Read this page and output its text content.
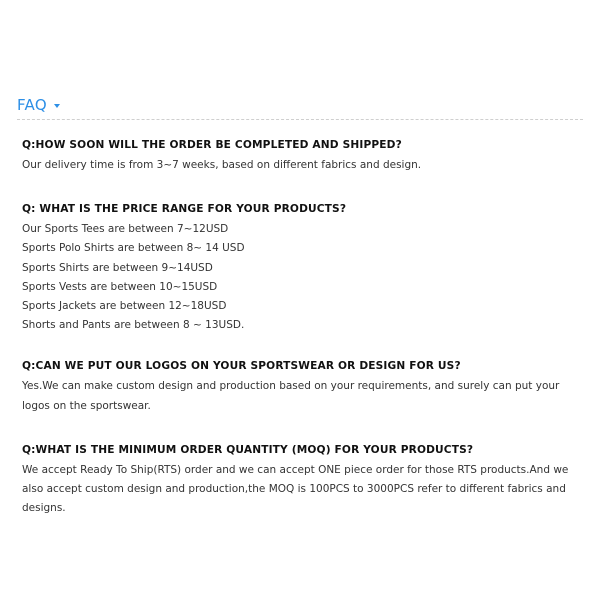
FAQ
Q:HOW SOON WILL THE ORDER BE COMPLETED AND SHIPPED?
Our delivery time is from 3~7 weeks, based on different fabrics and design.
Q: WHAT IS THE PRICE RANGE FOR YOUR PRODUCTS?
Our Sports Tees are between 7~12USD
Sports Polo Shirts are between 8~ 14 USD
Sports Shirts are between 9~14USD
Sports Vests are between 10~15USD
Sports Jackets are between 12~18USD
Shorts and Pants are between 8 ~ 13USD.
Q:CAN WE PUT OUR LOGOS ON YOUR SPORTSWEAR OR DESIGN FOR US?
Yes.We can make custom design and production based on your requirements, and surely can put your logos on the sportswear.
Q:WHAT IS THE MINIMUM ORDER QUANTITY (MOQ) FOR YOUR PRODUCTS?
We accept Ready To Ship(RTS) order and we can accept ONE piece order for those RTS products.And we also accept custom design and production,the MOQ is 100PCS to 3000PCS refer to different fabrics and designs.
